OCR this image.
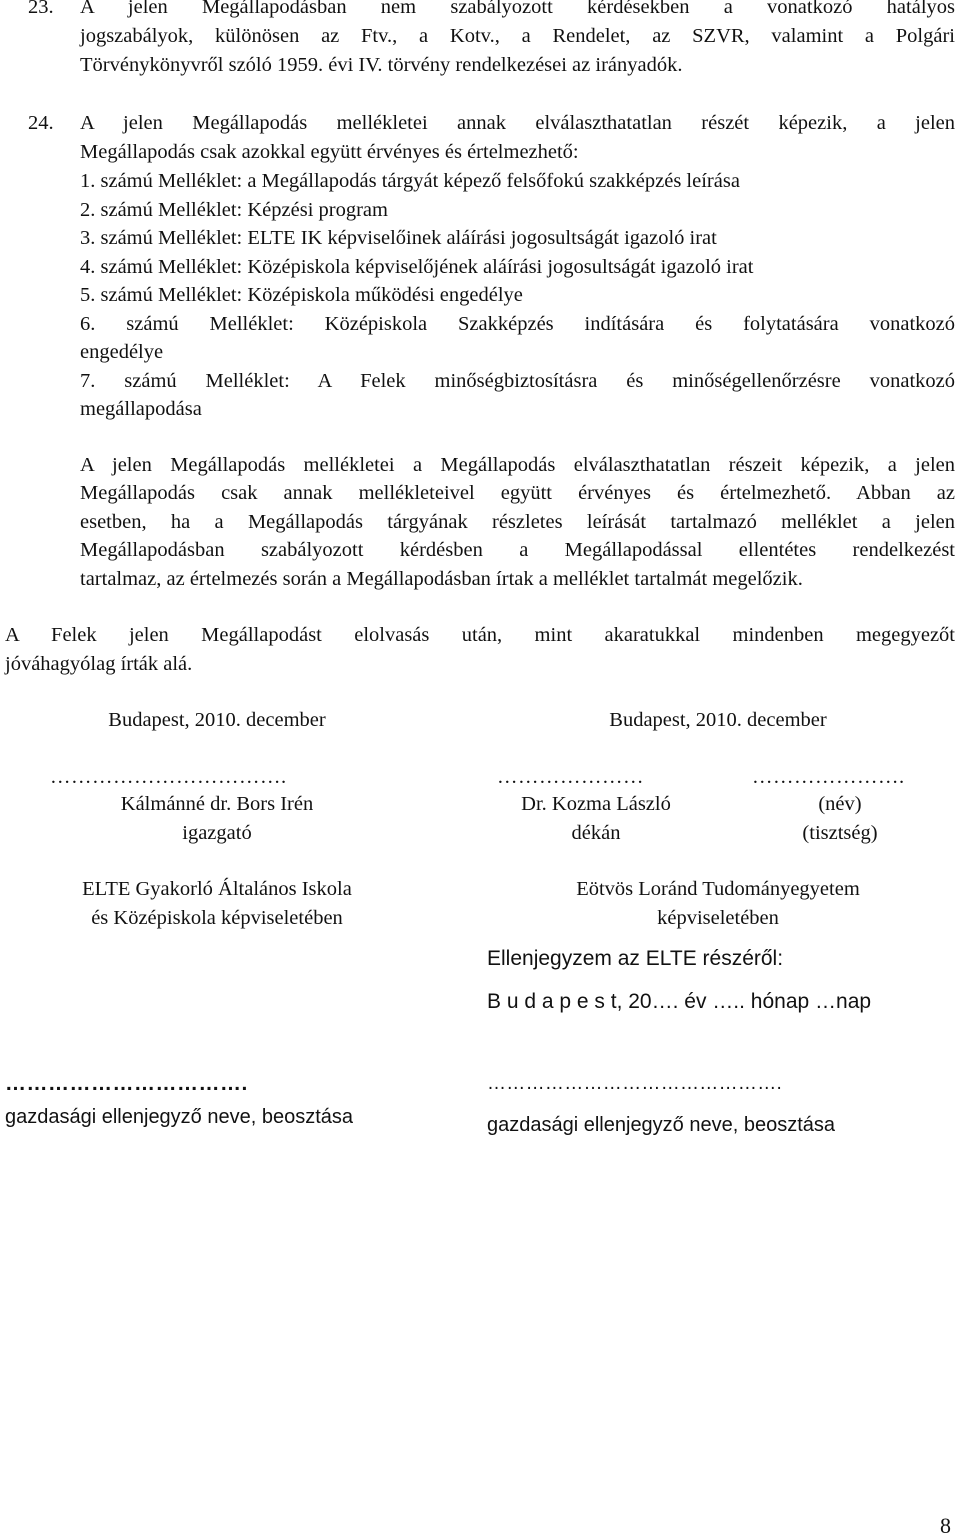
23. A jelen Megállapodásban nem szabályozott kérdésekben a vonatkozó hatályos
jogszabályok, különösen az Ftv., a Kotv., a Rendelet, az SZVR, valamint a Polgári
Törvénykönyvről szóló 1959. évi IV. törvény rendelkezései az irányadók.
24. A jelen Megállapodás mellékletei annak elválaszthatatlan részét képezik, a jelen
Megállapodás csak azokkal együtt érvényes és értelmezhető:
1. számú Melléklet: a Megállapodás tárgyát képező felsőfokú szakképzés leírása
2. számú Melléklet: Képzési program
3. számú Melléklet: ELTE IK képviselőinek aláírási jogosultságát igazoló irat
4. számú Melléklet: Középiskola képviselőjének aláírási jogosultságát igazoló irat
5. számú Melléklet: Középiskola működési engedélye
6. számú Melléklet: Középiskola Szakképzés indítására és folytatására vonatkozó
engedélye
7. számú Melléklet: A Felek minőségbiztosításra és minőségellenőrzésre vonatkozó
megállapodása
A jelen Megállapodás mellékletei a Megállapodás elválaszthatatlan részeit képezik, a jelen
Megállapodás csak annak mellékleteivel együtt érvényes és értelmezhető. Abban az
esetben, ha a Megállapodás tárgyának részletes leírását tartalmazó melléklet a jelen
Megállapodásban szabályozott kérdésben a Megállapodással ellentétes rendelkezést
tartalmaz, az értelmezés során a Megállapodásban írtak a melléklet tartalmát megelőzik.
A Felek jelen Megállapodást elolvasás után, mint akaratukkal mindenben megegyezőt
jóváhagyólag írták alá.
Budapest, 2010. december
…………………………….
Kálmánné dr. Bors Irén
igazgató
ELTE Gyakorló Általános Iskola
és Középiskola képviseletében
Budapest, 2010. december
…………………	………………….
Dr. Kozma László
dékán
(név)
(tisztség)
Eötvös Loránd Tudományegyetem
képviseletében
Ellenjegyzem az ELTE részéről:
B u d a p e s t, 20…. év ….. hónap …nap
…………………………….
gazdasági ellenjegyző neve, beosztása
……………………………………….
gazdasági ellenjegyző neve, beosztása
8
